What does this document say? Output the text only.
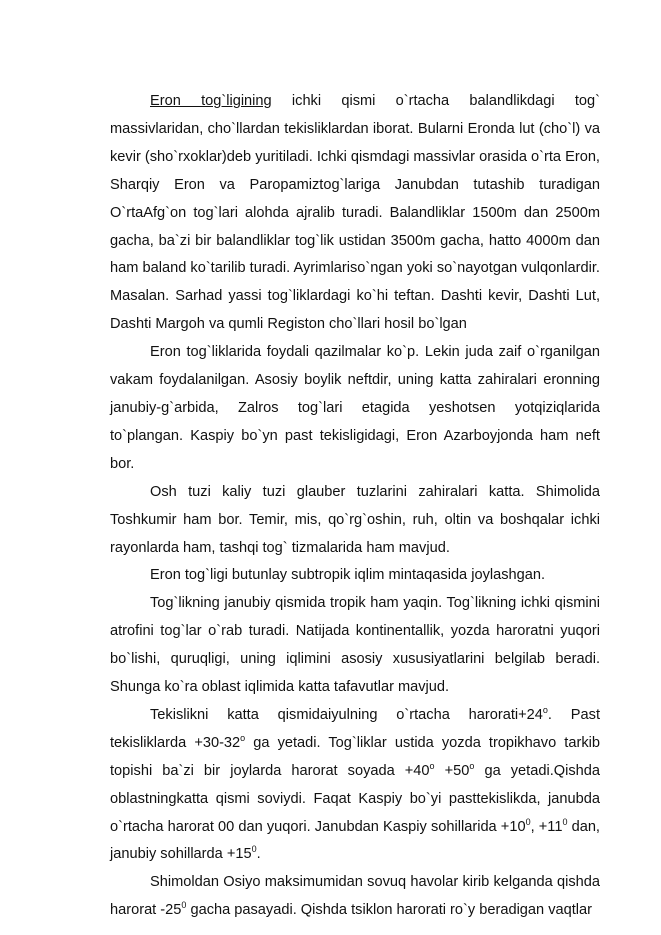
Eron tog`ligining ichki qismi o`rtacha balandlikdagi tog` massivlaridan, cho`llardan tekisliklardan iborat. Bularni Eronda lut (cho`l) va kevir (sho`rxoklar)deb yuritiladi. Ichki qismdagi massivlar orasida o`rta Eron, Sharqiy Eron va Paropamiztog`lariga Janubdan tutashib turadigan O`rtaAfg`on tog`lari alohda ajralib turadi. Balandliklar 1500m dan 2500m gacha, ba`zi bir balandliklar tog`lik ustidan 3500m gacha, hatto 4000m dan ham baland ko`tarilib turadi. Ayrimlariso`ngan yoki so`nayotgan vulqonlardir. Masalan. Sarhad yassi tog`liklardagi ko`hi teftan. Dashti kevir, Dashti Lut, Dashti Margoh va qumli Registon cho`llari hosil bo`lgan

Eron tog`liklarida foydali qazilmalar ko`p. Lekin juda zaif o`rganilgan vakam foydalanilgan. Asosiy boylik neftdir, uning katta zahiralari eronning janubiy-g`arbida, Zalros tog`lari etagida yeshotsen yotqiziqlarida to`plangan. Kaspiy bo`yn past tekisligidagi, Eron Azarboyjonda ham neft bor.

Osh tuzi kaliy tuzi glauber tuzlarini zahiralari katta. Shimolida Toshkumir ham bor. Temir, mis, qo`rg`oshin, ruh, oltin va boshqalar ichki rayonlarda ham, tashqi tog` tizmalarida ham mavjud.

Eron tog`ligi butunlay subtropik iqlim mintaqasida joylashgan.

Tog`likning janubiy qismida tropik ham yaqin. Tog`likning ichki qismini atrofini tog`lar o`rab turadi. Natijada kontinentallik, yozda haroratni yuqori bo`lishi, quruqligi, uning iqlimini asosiy xususiyatlarini belgilab beradi. Shunga ko`ra oblast iqlimida katta tafavutlar mavjud.

Tekislikni katta qismidaiyulning o`rtacha $harorati+24^o$. Past tekisliklarda $+30-32^o$ ga yetadi. Tog`liklar ustida yozda tropikhavo tarkib topishi ba`zi bir joylarda harorat soyada $+40^o +50^o$ ga yetadi.Qishda oblastningkatta qismi soviydi. Faqat Kaspiy bo`yi pasttekislikda, janubda o`rtacha harorat 00 dan yuqori. Janubdan Kaspiy sohillarida $+10^0$, $+11^0$ dan, janubiy sohillarda $+15^0$.

Shimoldan Osiyo maksimumidan sovuq havolar kirib kelganda qishda harorat $-25^0$ gacha pasayadi. Qishda tsiklon harorati ro`y beradigan vaqtlar
